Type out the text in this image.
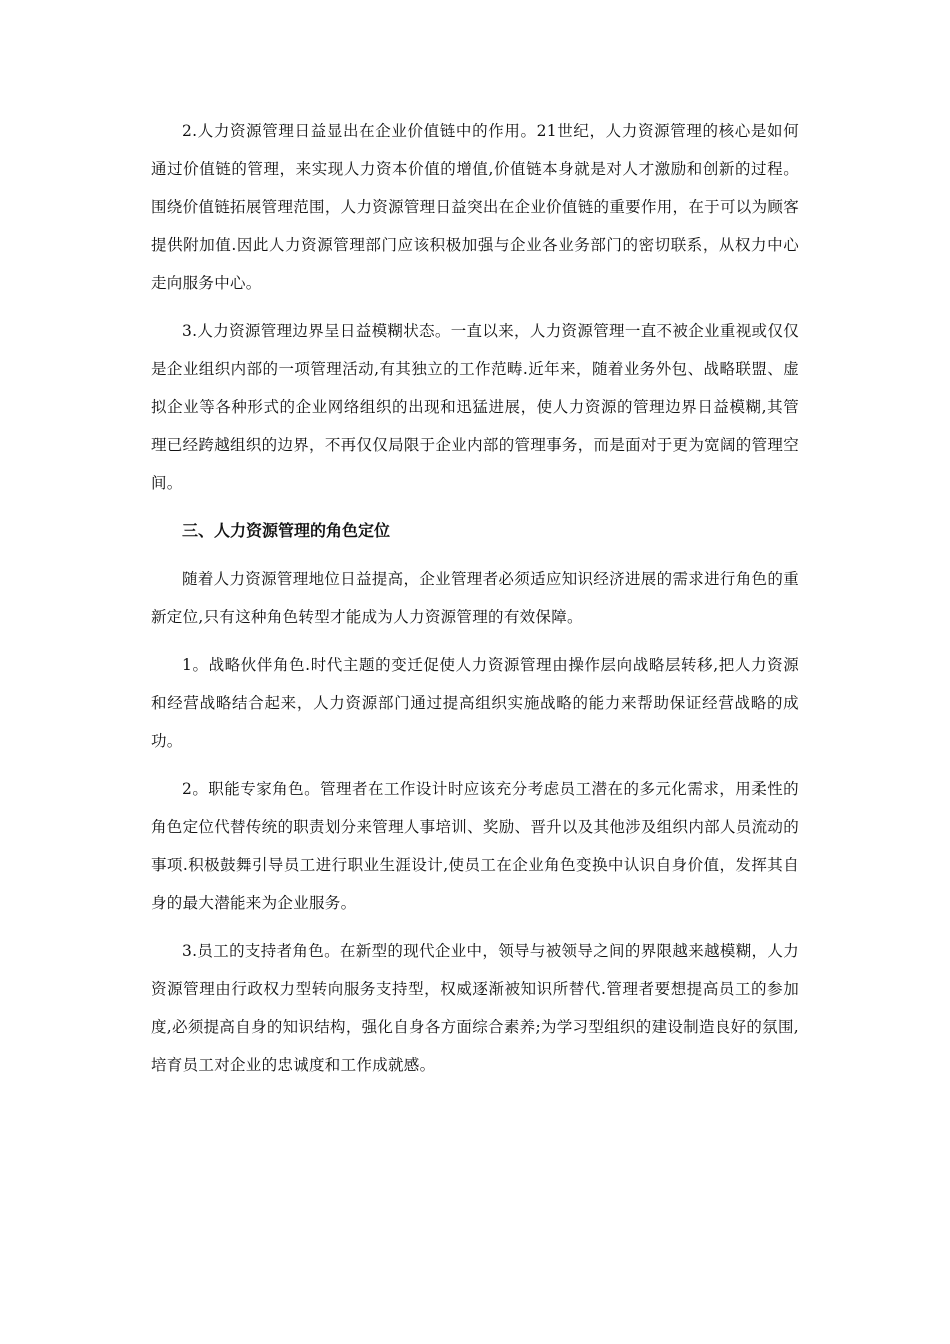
2.人力资源管理日益显出在企业价值链中的作用。21世纪，人力资源管理的核心是如何通过价值链的管理，来实现人力资本价值的增值,价值链本身就是对人才激励和创新的过程。围绕价值链拓展管理范围，人力资源管理日益突出在企业价值链的重要作用，在于可以为顾客提供附加值.因此人力资源管理部门应该积极加强与企业各业务部门的密切联系，从权力中心走向服务中心。

3.人力资源管理边界呈日益模糊状态。一直以来，人力资源管理一直不被企业重视或仅仅是企业组织内部的一项管理活动,有其独立的工作范畴.近年来，随着业务外包、战略联盟、虚拟企业等各种形式的企业网络组织的出现和迅猛进展，使人力资源的管理边界日益模糊,其管理已经跨越组织的边界，不再仅仅局限于企业内部的管理事务，而是面对于更为宽阔的管理空间。

三、人力资源管理的角色定位

随着人力资源管理地位日益提高，企业管理者必须适应知识经济进展的需求进行角色的重新定位,只有这种角色转型才能成为人力资源管理的有效保障。

1。战略伙伴角色.时代主题的变迁促使人力资源管理由操作层向战略层转移,把人力资源和经营战略结合起来，人力资源部门通过提高组织实施战略的能力来帮助保证经营战略的成功。

2。职能专家角色。管理者在工作设计时应该充分考虑员工潜在的多元化需求，用柔性的角色定位代替传统的职责划分来管理人事培训、奖励、晋升以及其他涉及组织内部人员流动的事项.积极鼓舞引导员工进行职业生涯设计,使员工在企业角色变换中认识自身价值，发挥其自身的最大潜能来为企业服务。

3.员工的支持者角色。在新型的现代企业中，领导与被领导之间的界限越来越模糊，人力资源管理由行政权力型转向服务支持型，权威逐渐被知识所替代.管理者要想提高员工的参加度,必须提高自身的知识结构，强化自身各方面综合素养;为学习型组织的建设制造良好的氛围,培育员工对企业的忠诚度和工作成就感。
